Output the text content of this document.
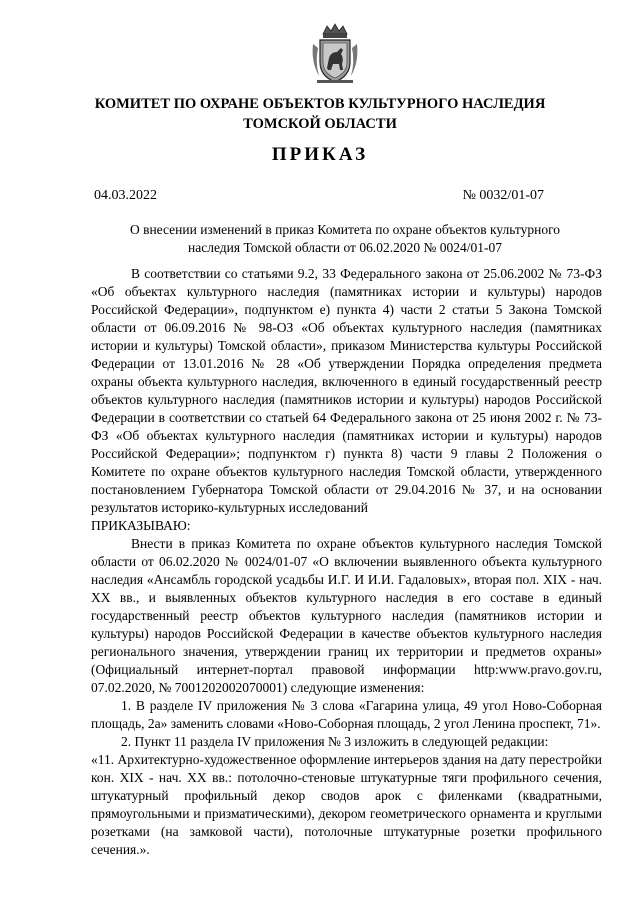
КОМИТЕТ ПО ОХРАНЕ ОБЪЕКТОВ КУЛЬТУРНОГО НАСЛЕДИЯ
ТОМСКОЙ ОБЛАСТИ
ПРИКАЗ
04.03.2022	№ 0032/01-07
О внесении изменений в приказ Комитета по охране объектов культурного
наследия Томской области от 06.02.2020 № 0024/01-07

В соответствии со статьями 9.2, 33 Федерального закона от 25.06.2002 № 73-ФЗ «Об объектах культурного наследия (памятниках истории и культуры) народов Российской Федерации», подпунктом е) пункта 4) части 2 статьи 5 Закона Томской области от 06.09.2016 № 98-ОЗ «Об объектах культурного наследия (памятниках истории и культуры) Томской области», приказом Министерства культуры Российской Федерации от 13.01.2016 № 28 «Об утверждении Порядка определения предмета охраны объекта культурного наследия, включенного в единый государственный реестр объектов культурного наследия (памятников истории и культуры) народов Российской Федерации в соответствии со статьей 64 Федерального закона от 25 июня 2002 г. № 73-ФЗ «Об объектах культурного наследия (памятниках истории и культуры) народов Российской Федерации»; подпунктом г) пункта 8) части 9 главы 2 Положения о Комитете по охране объектов культурного наследия Томской области, утвержденного постановлением Губернатора Томской области от 29.04.2016 № 37, и на основании результатов историко-культурных исследований

ПРИКАЗЫВАЮ:

Внести в приказ Комитета по охране объектов культурного наследия Томской области от 06.02.2020 № 0024/01-07 «О включении выявленного объекта культурного наследия «Ансамбль городской усадьбы И.Г. И И.И. Гадаловых», вторая пол. XIX - нач. XX вв., и выявленных объектов культурного наследия в его составе в единый государственный реестр объектов культурного наследия (памятников истории и культуры) народов Российской Федерации в качестве объектов культурного наследия регионального значения, утверждении границ их территории и предметов охраны» (Официальный интернет-портал правовой информации http:www.pravo.gov.ru, 07.02.2020, № 7001202002070001) следующие изменения:

1. В разделе IV приложения № 3 слова «Гагарина улица, 49 угол Ново-Соборная площадь, 2а» заменить словами «Ново-Соборная площадь, 2 угол Ленина проспект, 71».

2. Пункт 11 раздела IV приложения № 3 изложить в следующей редакции:

«11. Архитектурно-художественное оформление интерьеров здания на дату перестройки кон. XIX - нач. XX вв.: потолочно-стеновые штукатурные тяги профильного сечения, штукатурный профильный декор сводов арок с филенками (квадратными, прямоугольными и призматическими), декором геометрического орнамента и круглыми розетками (на замковой части), потолочные штукатурные розетки профильного сечения.».
